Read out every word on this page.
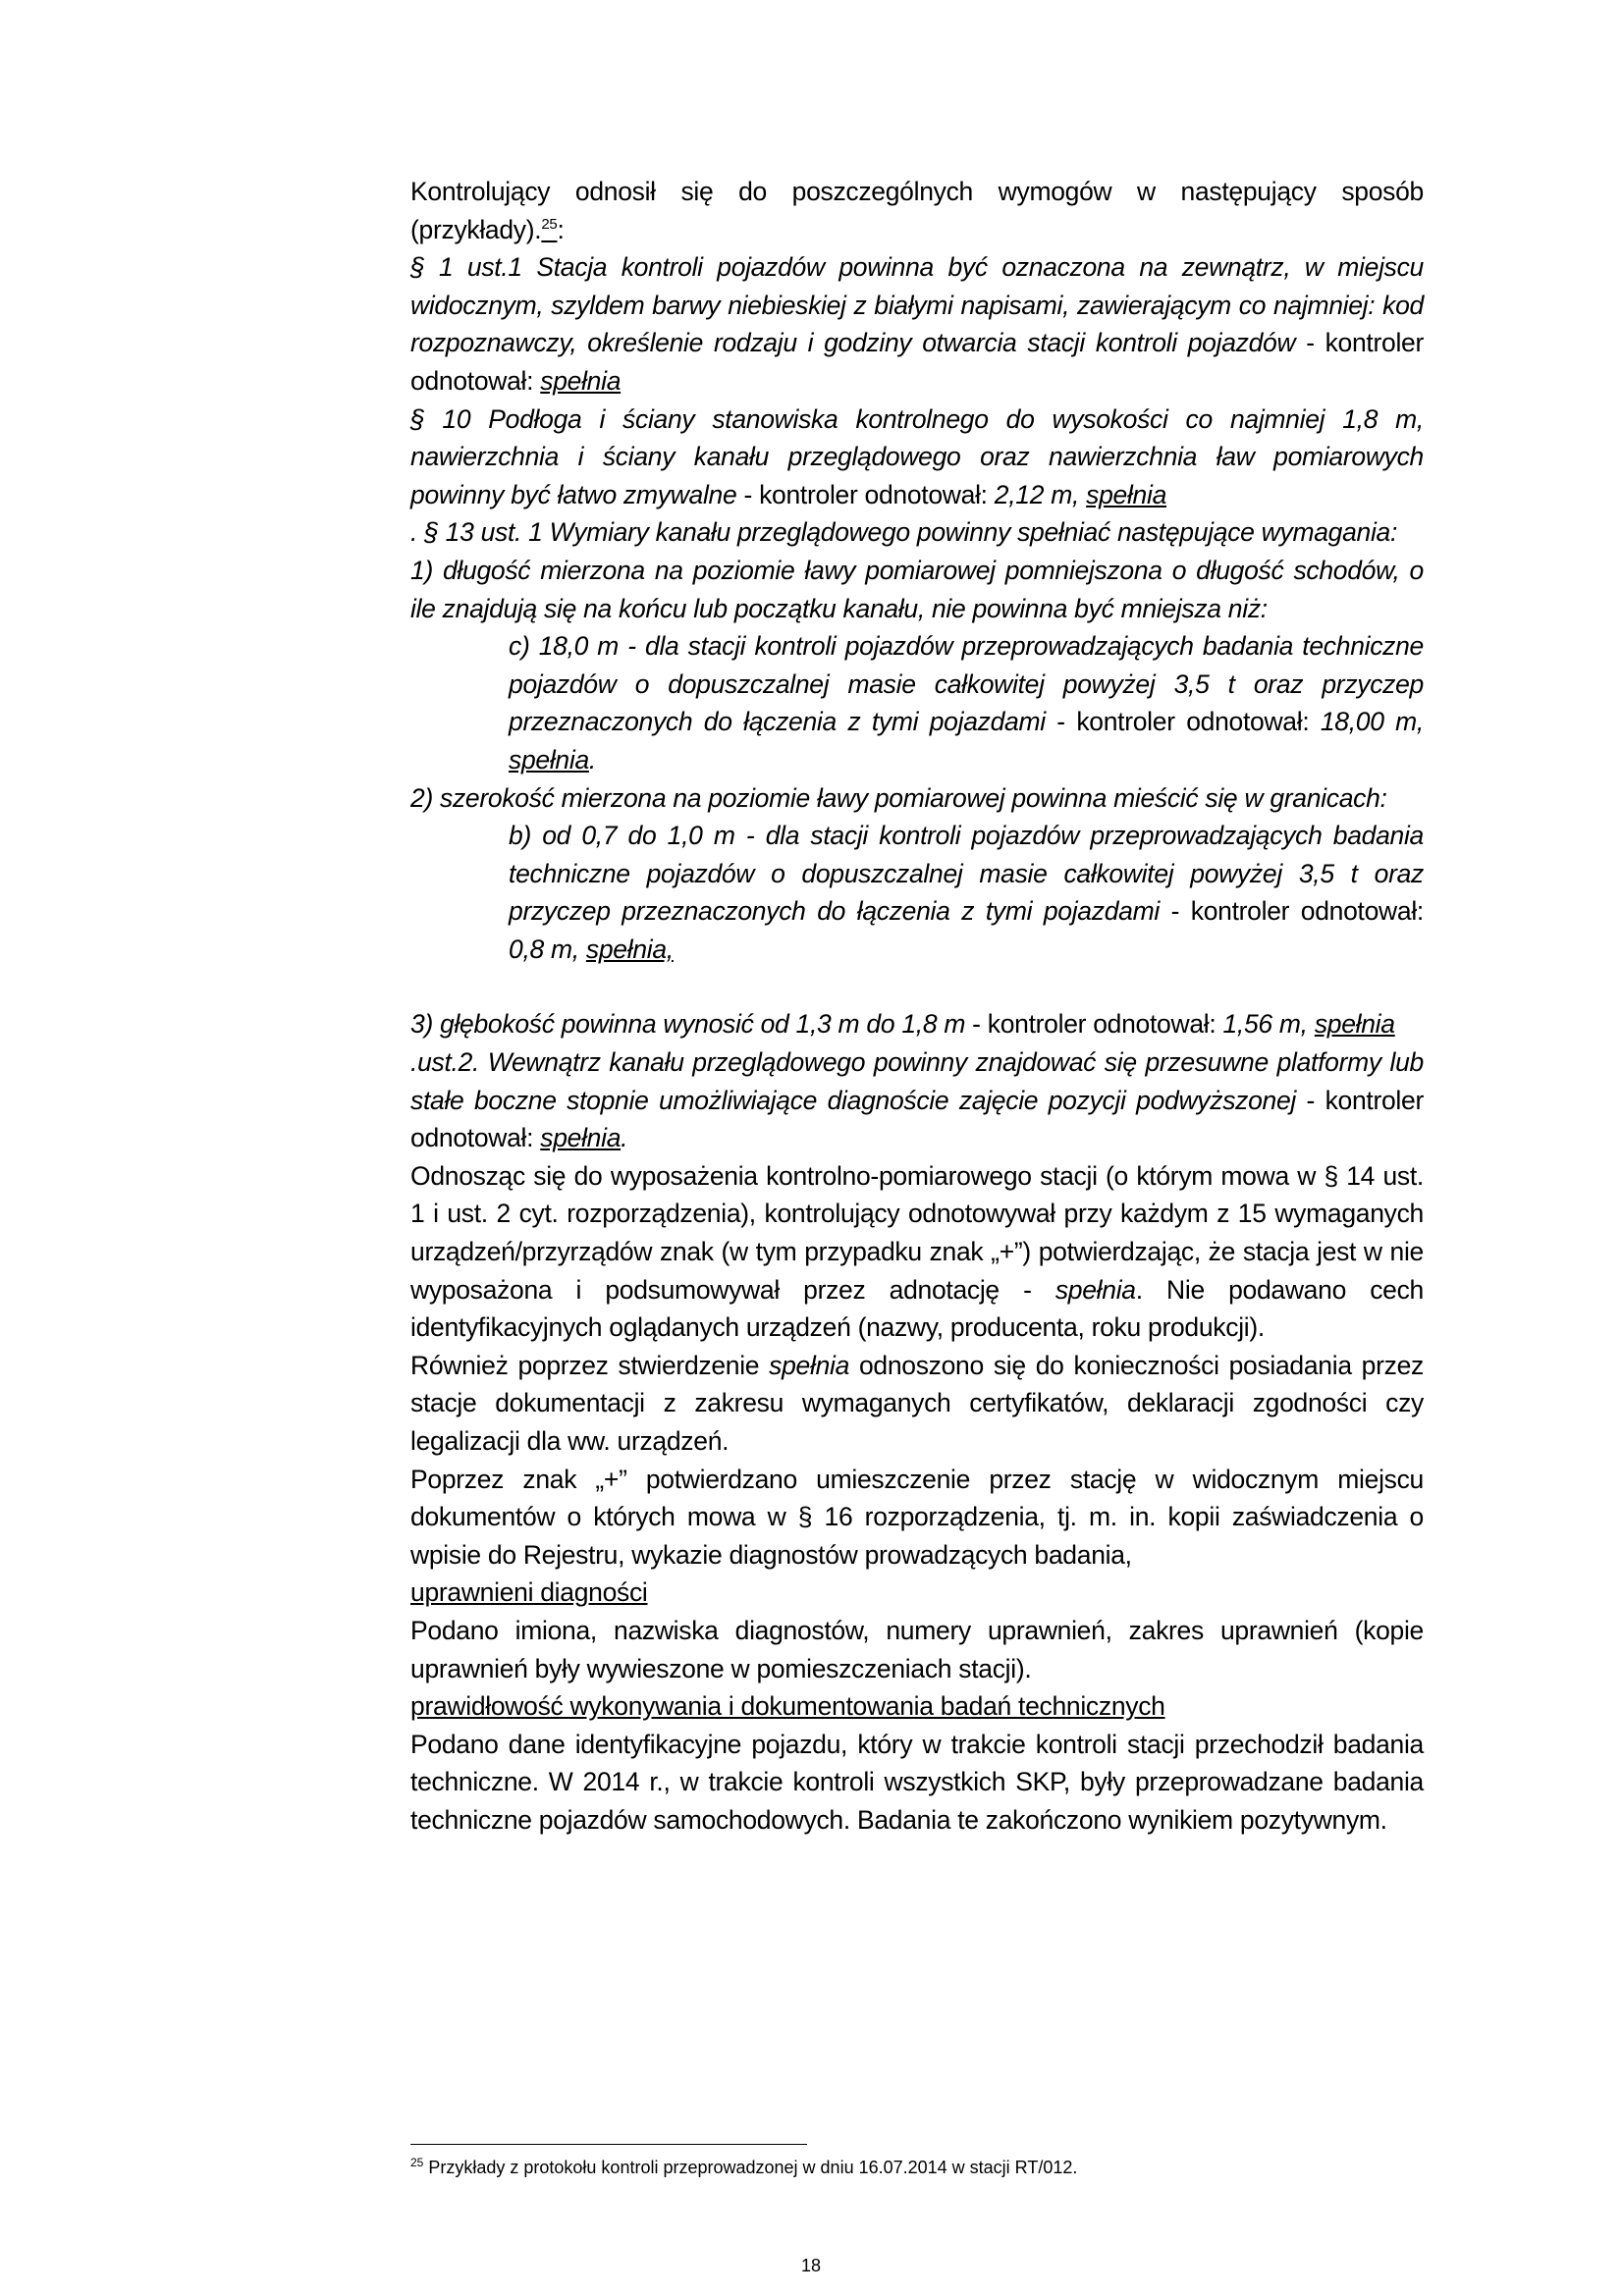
Kontrolujący odnosił się do poszczególnych wymogów w następujący sposób (przykłady).$^{25}$:

§ 1 ust.1 Stacja kontroli pojazdów powinna być oznaczona na zewnątrz, w miejscu widocznym, szyldem barwy niebieskiej z białymi napisami, zawierającym co najmniej: kod rozpoznawczy, określenie rodzaju i godziny otwarcia stacji kontroli pojazdów - kontroler odnotował: spełnia

§ 10 Podłoga i ściany stanowiska kontrolnego do wysokości co najmniej 1,8 m, nawierzchnia i ściany kanału przeglądowego oraz nawierzchnia ław pomiarowych powinny być łatwo zmywalne - kontroler odnotował: 2,12 m, spełnia

. § 13 ust. 1 Wymiary kanału przeglądowego powinny spełniać następujące wymagania:

1) długość mierzona na poziomie ławy pomiarowej pomniejszona o długość schodów, o ile znajdują się na końcu lub początku kanału, nie powinna być mniejsza niż:

c) 18,0 m - dla stacji kontroli pojazdów przeprowadzających badania techniczne pojazdów o dopuszczalnej masie całkowitej powyżej 3,5 t oraz przyczep przeznaczonych do łączenia z tymi pojazdami - kontroler odnotował: 18,00 m, spełnia.

2) szerokość mierzona na poziomie ławy pomiarowej powinna mieścić się w granicach:

b) od 0,7 do 1,0 m - dla stacji kontroli pojazdów przeprowadzających badania techniczne pojazdów o dopuszczalnej masie całkowitej powyżej 3,5 t oraz przyczep przeznaczonych do łączenia z tymi pojazdami - kontroler odnotował: 0,8 m, spełnia,

3) głębokość powinna wynosić od 1,3 m do 1,8 m - kontroler odnotował: 1,56 m, spełnia

.ust.2. Wewnątrz kanału przeglądowego powinny znajdować się przesuwne platformy lub stałe boczne stopnie umożliwiające diagnoście zajęcie pozycji podwyższonej - kontroler odnotował: spełnia.

Odnosząc się do wyposażenia kontrolno-pomiarowego stacji (o którym mowa w § 14 ust. 1 i ust. 2 cyt. rozporządzenia), kontrolujący odnotowywał przy każdym z 15 wymaganych urządzeń/przyrządów znak (w tym przypadku znak „+”) potwierdzając, że stacja jest w nie wyposażona i podsumowywał przez adnotację - spełnia. Nie podawano cech identyfikacyjnych oglądanych urządzeń (nazwy, producenta, roku produkcji).

Również poprzez stwierdzenie spełnia odnoszono się do konieczności posiadania przez stacje dokumentacji z zakresu wymaganych certyfikatów, deklaracji zgodności czy legalizacji dla ww. urządzeń.

Poprzez znak „+” potwierdzano umieszczenie przez stację w widocznym miejscu dokumentów o których mowa w § 16 rozporządzenia, tj. m. in. kopii zaświadczenia o wpisie do Rejestru, wykazie diagnostów prowadzących badania,

uprawnieni diagności

Podano imiona, nazwiska diagnostów, numery uprawnień, zakres uprawnień (kopie uprawnień były wywieszone w pomieszczeniach stacji).

prawidłowość wykonywania i dokumentowania badań technicznych

Podano dane identyfikacyjne pojazdu, który w trakcie kontroli stacji przechodził badania techniczne. W 2014 r., w trakcie kontroli wszystkich SKP, były przeprowadzane badania techniczne pojazdów samochodowych. Badania te zakończono wynikiem pozytywnym.

$^{25}$ Przykłady z protokołu kontroli przeprowadzonej w dniu 16.07.2014 w stacji RT/012.
18
